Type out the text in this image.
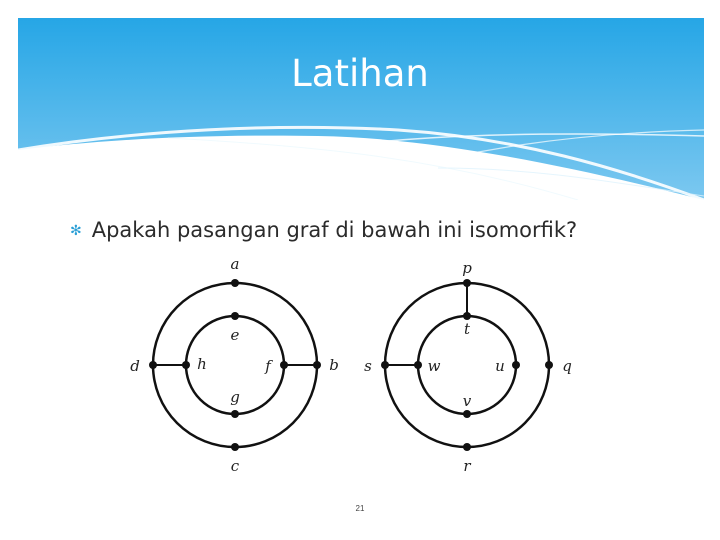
Latihan
✻ Apakah pasangan graf di bawah ini isomorfik?
a
b
c
d
e
f
g
h
p
q
r
s
t
u
v
w
21
